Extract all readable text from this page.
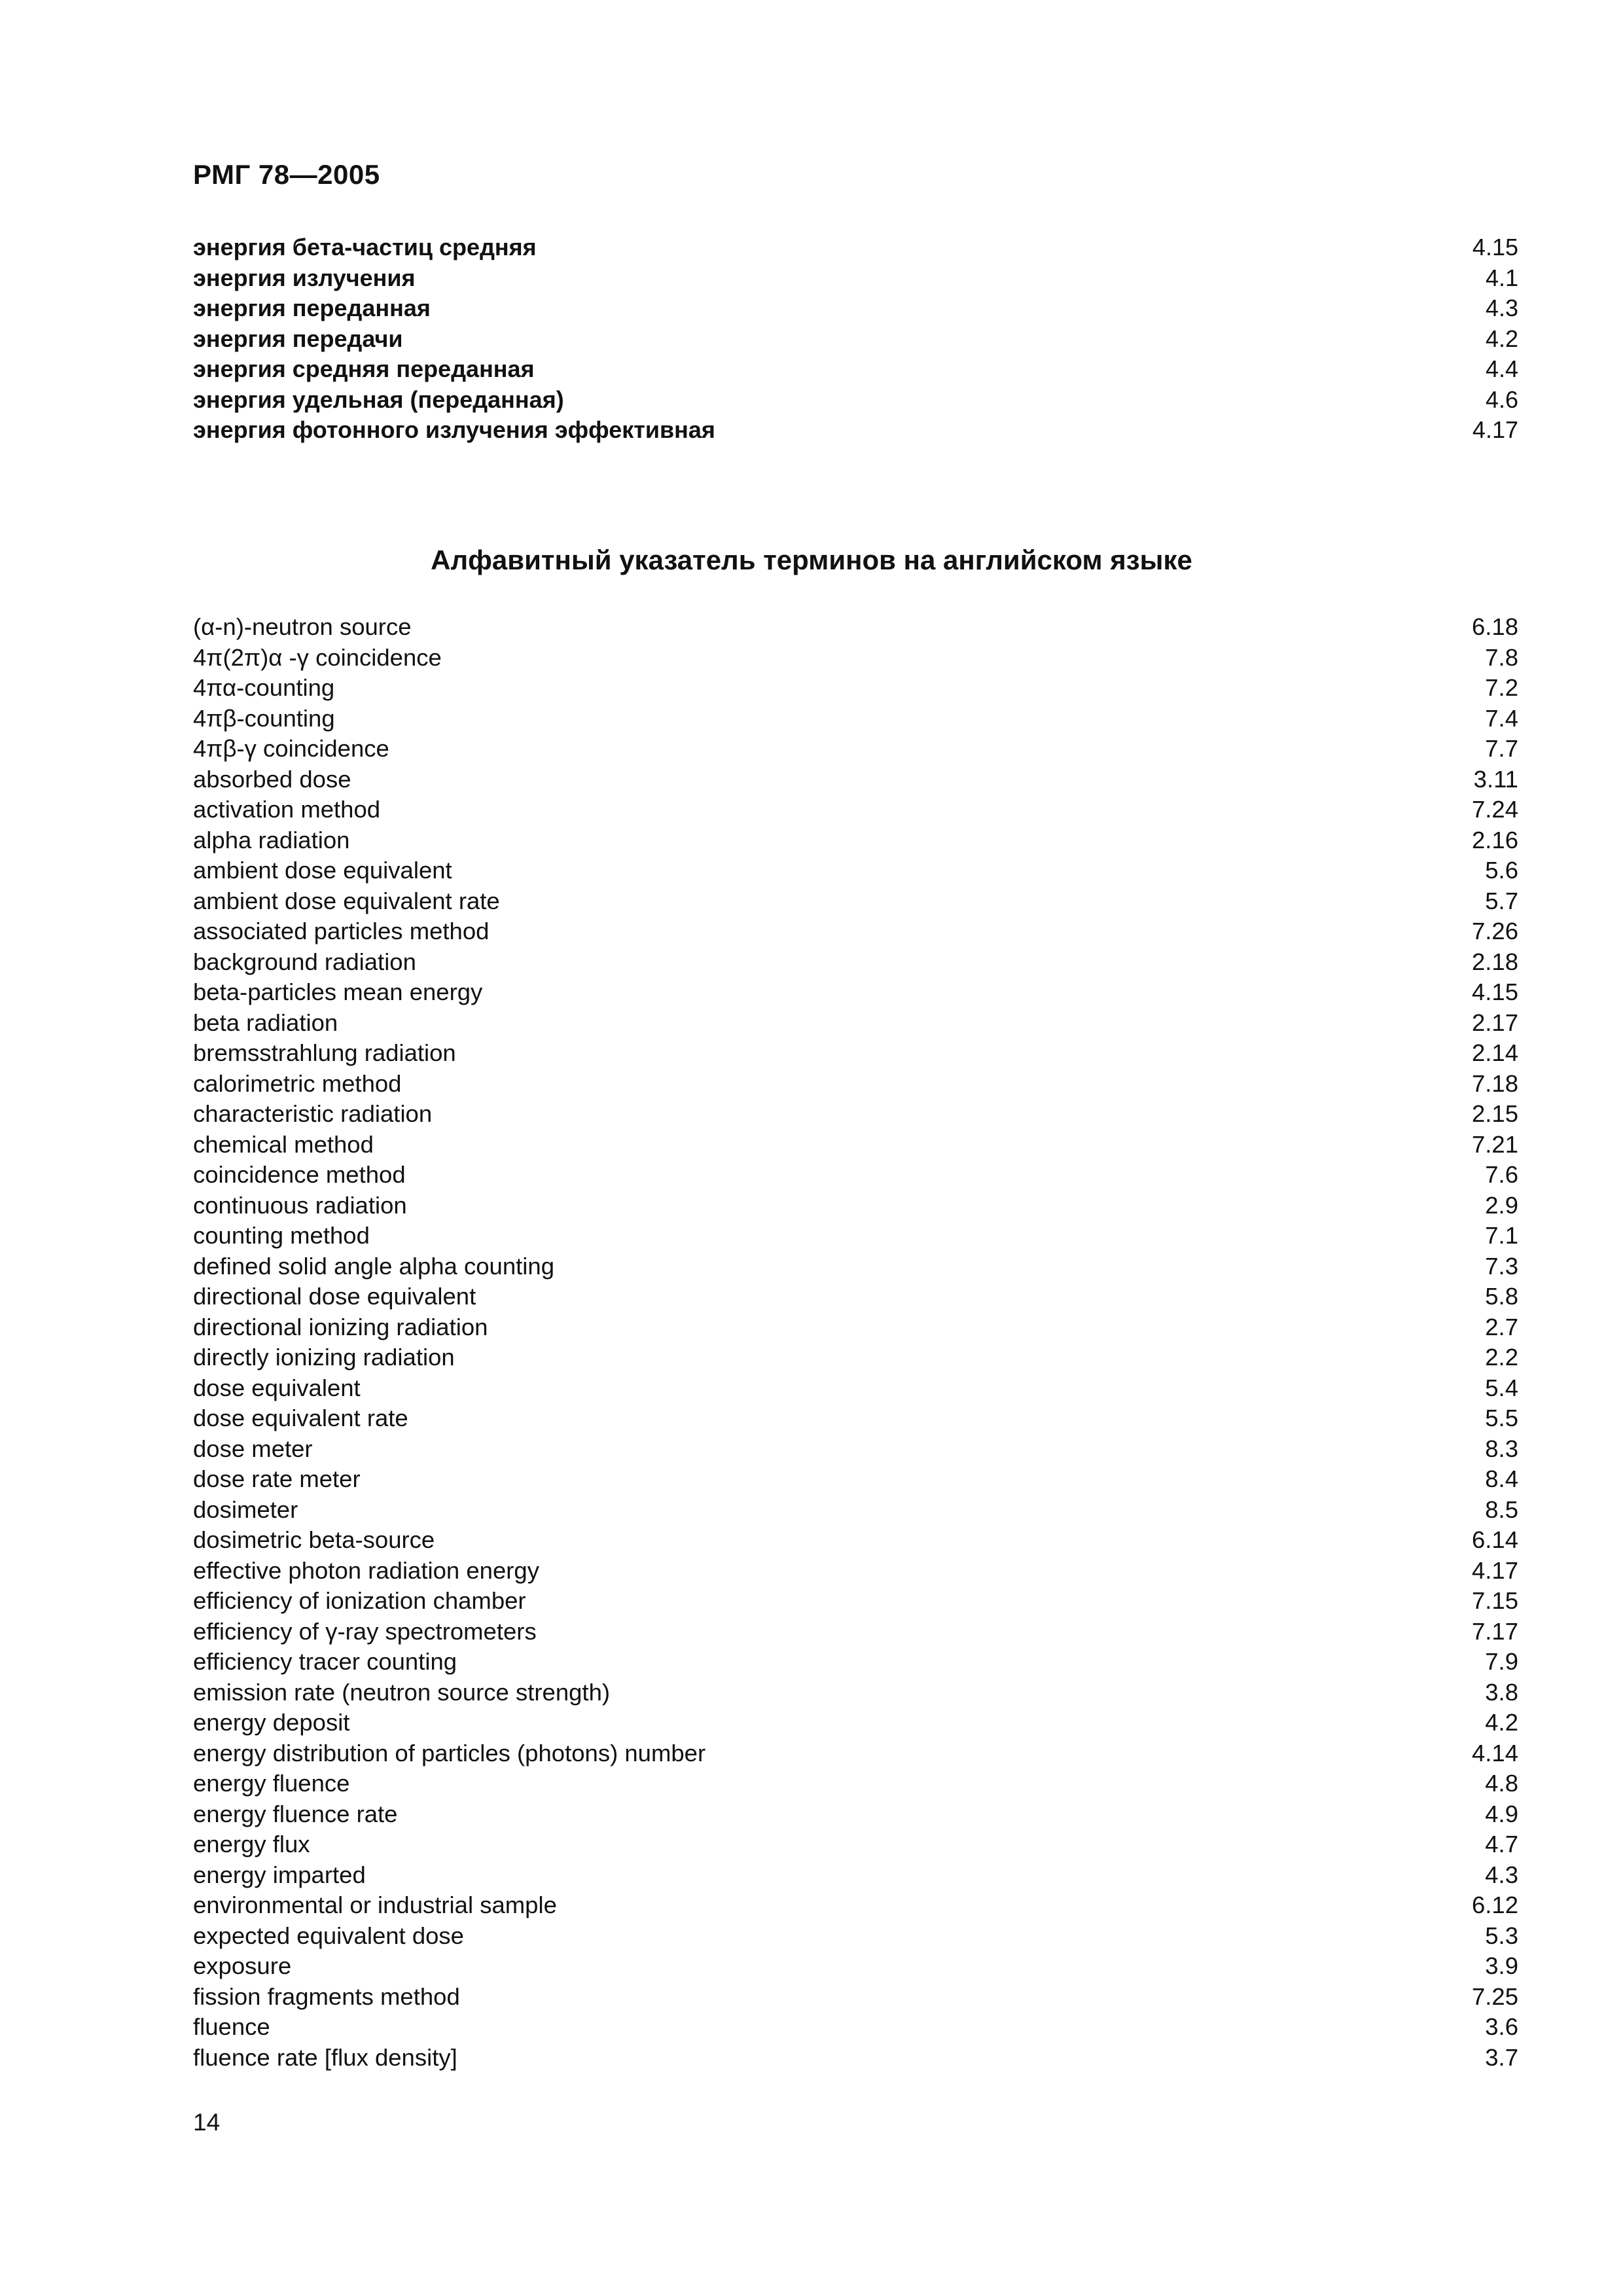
РМГ 78—2005
энергия бета-частиц средняя	4.15
энергия излучения	4.1
энергия переданная	4.3
энергия передачи	4.2
энергия средняя переданная	4.4
энергия удельная (переданная)	4.6
энергия фотонного излучения эффективная	4.17
Алфавитный указатель терминов на английском языке
(α-n)-neutron source	6.18
4π(2π)α -γ coincidence	7.8
4πα-counting	7.2
4πβ-counting	7.4
4πβ-γ coincidence	7.7
absorbed dose	3.11
activation method	7.24
alpha radiation	2.16
ambient dose equivalent	5.6
ambient dose equivalent rate	5.7
associated particles method	7.26
background radiation	2.18
beta-particles mean energy	4.15
beta radiation	2.17
bremsstrahlung radiation	2.14
calorimetric method	7.18
characteristic radiation	2.15
chemical method	7.21
coincidence method	7.6
continuous radiation	2.9
counting method	7.1
defined solid angle alpha counting	7.3
directional dose equivalent	5.8
directional ionizing radiation	2.7
directly ionizing radiation	2.2
dose equivalent	5.4
dose equivalent rate	5.5
dose meter	8.3
dose rate meter	8.4
dosimeter	8.5
dosimetric beta-source	6.14
effective photon radiation energy	4.17
efficiency of ionization chamber	7.15
efficiency of γ-ray spectrometers	7.17
efficiency tracer counting	7.9
emission rate (neutron source strength)	3.8
energy deposit	4.2
energy distribution of particles (photons) number	4.14
energy fluence	4.8
energy fluence rate	4.9
energy flux	4.7
energy imparted	4.3
environmental or industrial sample	6.12
expected equivalent dose	5.3
exposure	3.9
fission fragments method	7.25
fluence	3.6
fluence rate [flux density]	3.7
14
